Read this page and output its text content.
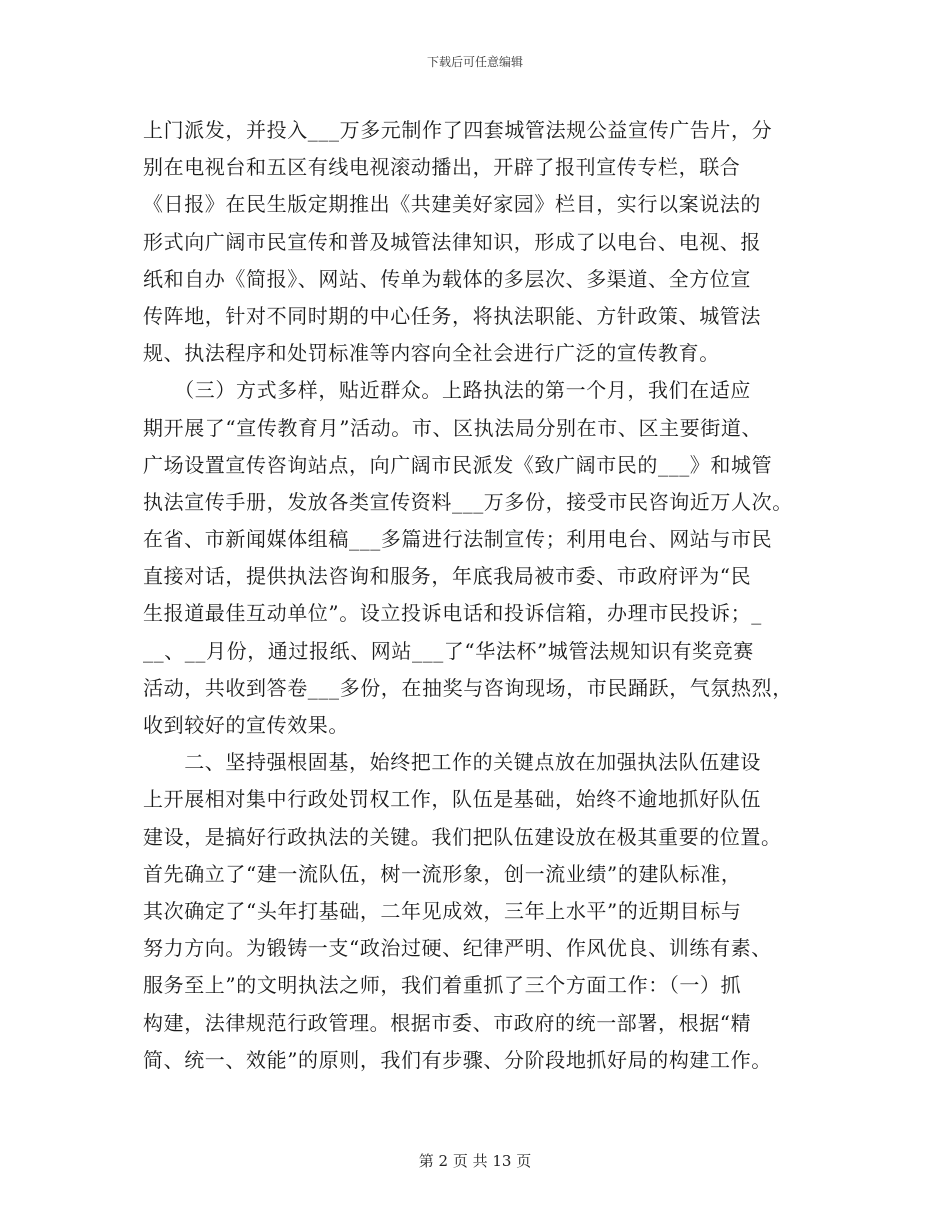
下载后可任意编辑
上门派发，并投入___万多元制作了四套城管法规公益宣传广告片，分
别在电视台和五区有线电视滚动播出，开辟了报刊宣传专栏，联合
《日报》在民生版定期推出《共建美好家园》栏目，实行以案说法的
形式向广阔市民宣传和普及城管法律知识，形成了以电台、电视、报
纸和自办《简报》、网站、传单为载体的多层次、多渠道、全方位宣
传阵地，针对不同时期的中心任务，将执法职能、方针政策、城管法
规、执法程序和处罚标准等内容向全社会进行广泛的宣传教育。
　　（三）方式多样，贴近群众。上路执法的第一个月，我们在适应
期开展了“宣传教育月”活动。市、区执法局分别在市、区主要街道、
广场设置宣传咨询站点，向广阔市民派发《致广阔市民的___》和城管
执法宣传手册，发放各类宣传资料___万多份，接受市民咨询近万人次。
在省、市新闻媒体组稿___多篇进行法制宣传；利用电台、网站与市民
直接对话，提供执法咨询和服务，年底我局被市委、市政府评为“民
生报道最佳互动单位”。设立投诉电话和投诉信箱，办理市民投诉；_
__、__月份，通过报纸、网站___了“华法杯”城管法规知识有奖竞赛
活动，共收到答卷___多份，在抽奖与咨询现场，市民踊跃，气氛热烈，
收到较好的宣传效果。
　　二、坚持强根固基，始终把工作的关键点放在加强执法队伍建设
上开展相对集中行政处罚权工作，队伍是基础，始终不逾地抓好队伍
建设，是搞好行政执法的关键。我们把队伍建设放在极其重要的位置。
首先确立了“建一流队伍，树一流形象，创一流业绩”的建队标准，
其次确定了“头年打基础，二年见成效，三年上水平”的近期目标与
努力方向。为锻铸一支“政治过硬、纪律严明、作风优良、训练有素、
服务至上”的文明执法之师，我们着重抓了三个方面工作：（一）抓
构建，法律规范行政管理。根据市委、市政府的统一部署，根据“精
简、统一、效能”的原则，我们有步骤、分阶段地抓好局的构建工作。
第 2 页 共 13 页
